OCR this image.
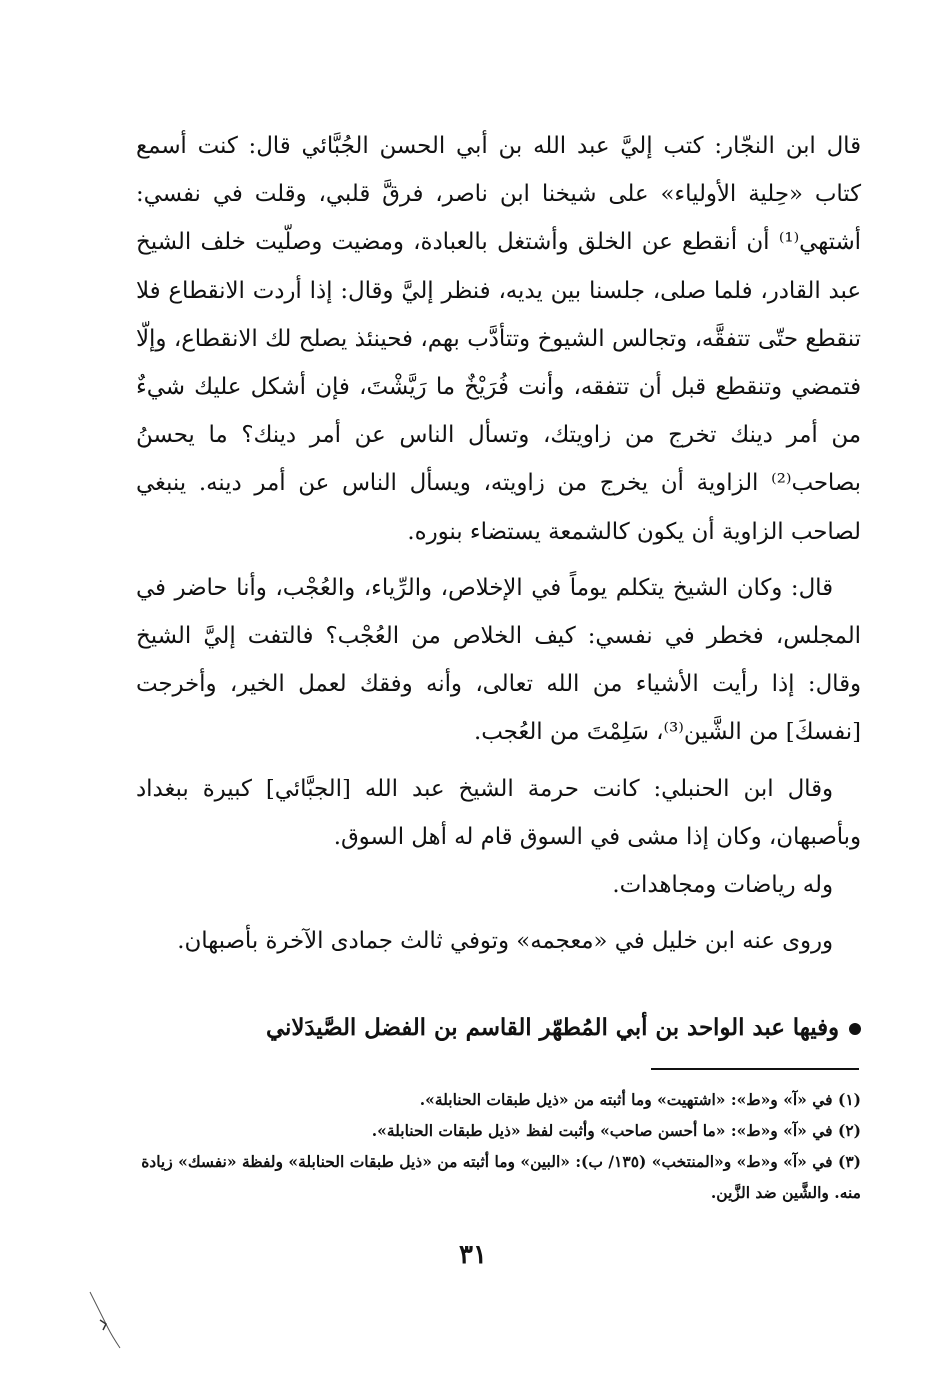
قال ابن النجّار: كتب إليَّ عبد الله بن أبي الحسن الجُبَّائي قال: كنت أسمع كتاب «حِلية الأولياء» على شيخنا ابن ناصر، فرقَّ قلبي، وقلت في نفسي: أشتهي⁽¹⁾ أن أنقطع عن الخلق وأشتغل بالعبادة، ومضيت وصلّيت خلف الشيخ عبد القادر، فلما صلى، جلسنا بين يديه، فنظر إليَّ وقال: إذا أردت الانقطاع فلا تنقطع حتّى تتفقَّه، وتجالس الشيوخ وتتأدَّب بهم، فحينئذ يصلح لك الانقطاع، وإلّا فتمضي وتنقطع قبل أن تتفقه، وأنت فُرَيْخٌ ما رَيَّشْتَ، فإن أشكل عليك شيءٌ من أمر دينك تخرج من زاويتك، وتسأل الناس عن أمر دينك؟ ما يحسنُ بصاحب⁽²⁾ الزاوية أن يخرج من زاويته، ويسأل الناس عن أمر دينه. ينبغي لصاحب الزاوية أن يكون كالشمعة يستضاء بنوره.

قال: وكان الشيخ يتكلم يوماً في الإخلاص، والرِّياء، والعُجْب، وأنا حاضر في المجلس، فخطر في نفسي: كيف الخلاص من العُجْب؟ فالتفت إليَّ الشيخ وقال: إذا رأيت الأشياء من الله تعالى، وأنه وفقك لعمل الخير، وأخرجت [نفسكَ] من الشَّين⁽³⁾، سَلِمْتَ من العُجب.

وقال ابن الحنبلي: كانت حرمة الشيخ عبد الله [الجبَّائي] كبيرة ببغداد وبأصبهان، وكان إذا مشى في السوق قام له أهل السوق.

وله رياضات ومجاهدات.

وروى عنه ابن خليل في «معجمه» وتوفي ثالث جمادى الآخرة بأصبهان.

وفيها عبد الواحد بن أبي المُطهّر القاسم بن الفضل الصَّيدَلاني

(١) في «آ» و«ط»: «اشتهيت» وما أثبته من «ذيل طبقات الحنابلة».

(٢) في «آ» و«ط»: «ما أحسن صاحب» وأثبت لفظ «ذيل طبقات الحنابلة».

(٣) في «آ» و«ط» و«المنتخب» (١٣٥/ ب): «البين» وما أثبته من «ذيل طبقات الحنابلة» ولفظة «نفسك» زيادة منه. والشَّين ضد الزَّين.

٣١
